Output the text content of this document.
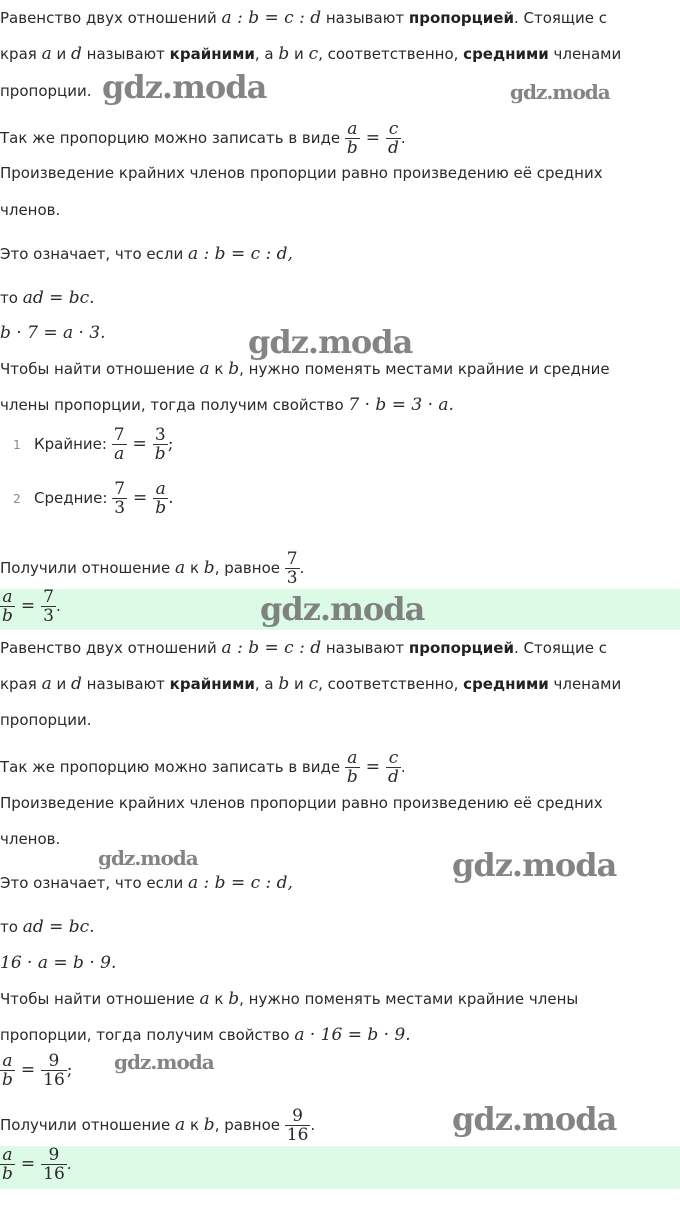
Равенство двух отношений a : b = c : d называют пропорцией. Стоящие с
края a и d называют крайними, а b и c, соответственно, средними членами
пропорции.
Так же пропорцию можно записать в виде $\frac{a}{b} = \frac{c}{d}$ .
Произведение крайних членов пропорции равно произведению её средних
членов.
Это означает, что если a : b = c : d,
то ad = bc.
b · 7 = a · 3.
Чтобы найти отношение a к b, нужно поменять местами крайние и средние
члены пропорции, тогда получим свойство 7 · b = 3 · a.
1 Крайние: $\frac{7}{a} = \frac{3}{b}$ ;
2 Средние: $\frac{7}{3} = \frac{a}{b}$ .
Получили отношение a к b, равное $\frac{7}{3}$ .
$\frac{a}{b} = \frac{7}{3}$ .
Равенство двух отношений a : b = c : d называют пропорцией. Стоящие с
края a и d называют крайними, а b и c, соответственно, средними членами
пропорции.
Так же пропорцию можно записать в виде $\frac{a}{b} = \frac{c}{d}$ .
Произведение крайних членов пропорции равно произведению её средних
членов.
Это означает, что если a : b = c : d,
то ad = bc.
16 · a = b · 9.
Чтобы найти отношение a к b, нужно поменять местами крайние члены
пропорции, тогда получим свойство a · 16 = b · 9.
$\frac{a}{b} = \frac{9}{16}$ ;
Получили отношение a к b, равное $\frac{9}{16}$ .
$\frac{a}{b} = \frac{9}{16}$ .
gdz.moda	gdz.moda
gdz.moda
gdz.moda
gdz.moda	gdz.moda
gdz.moda
gdz.moda
